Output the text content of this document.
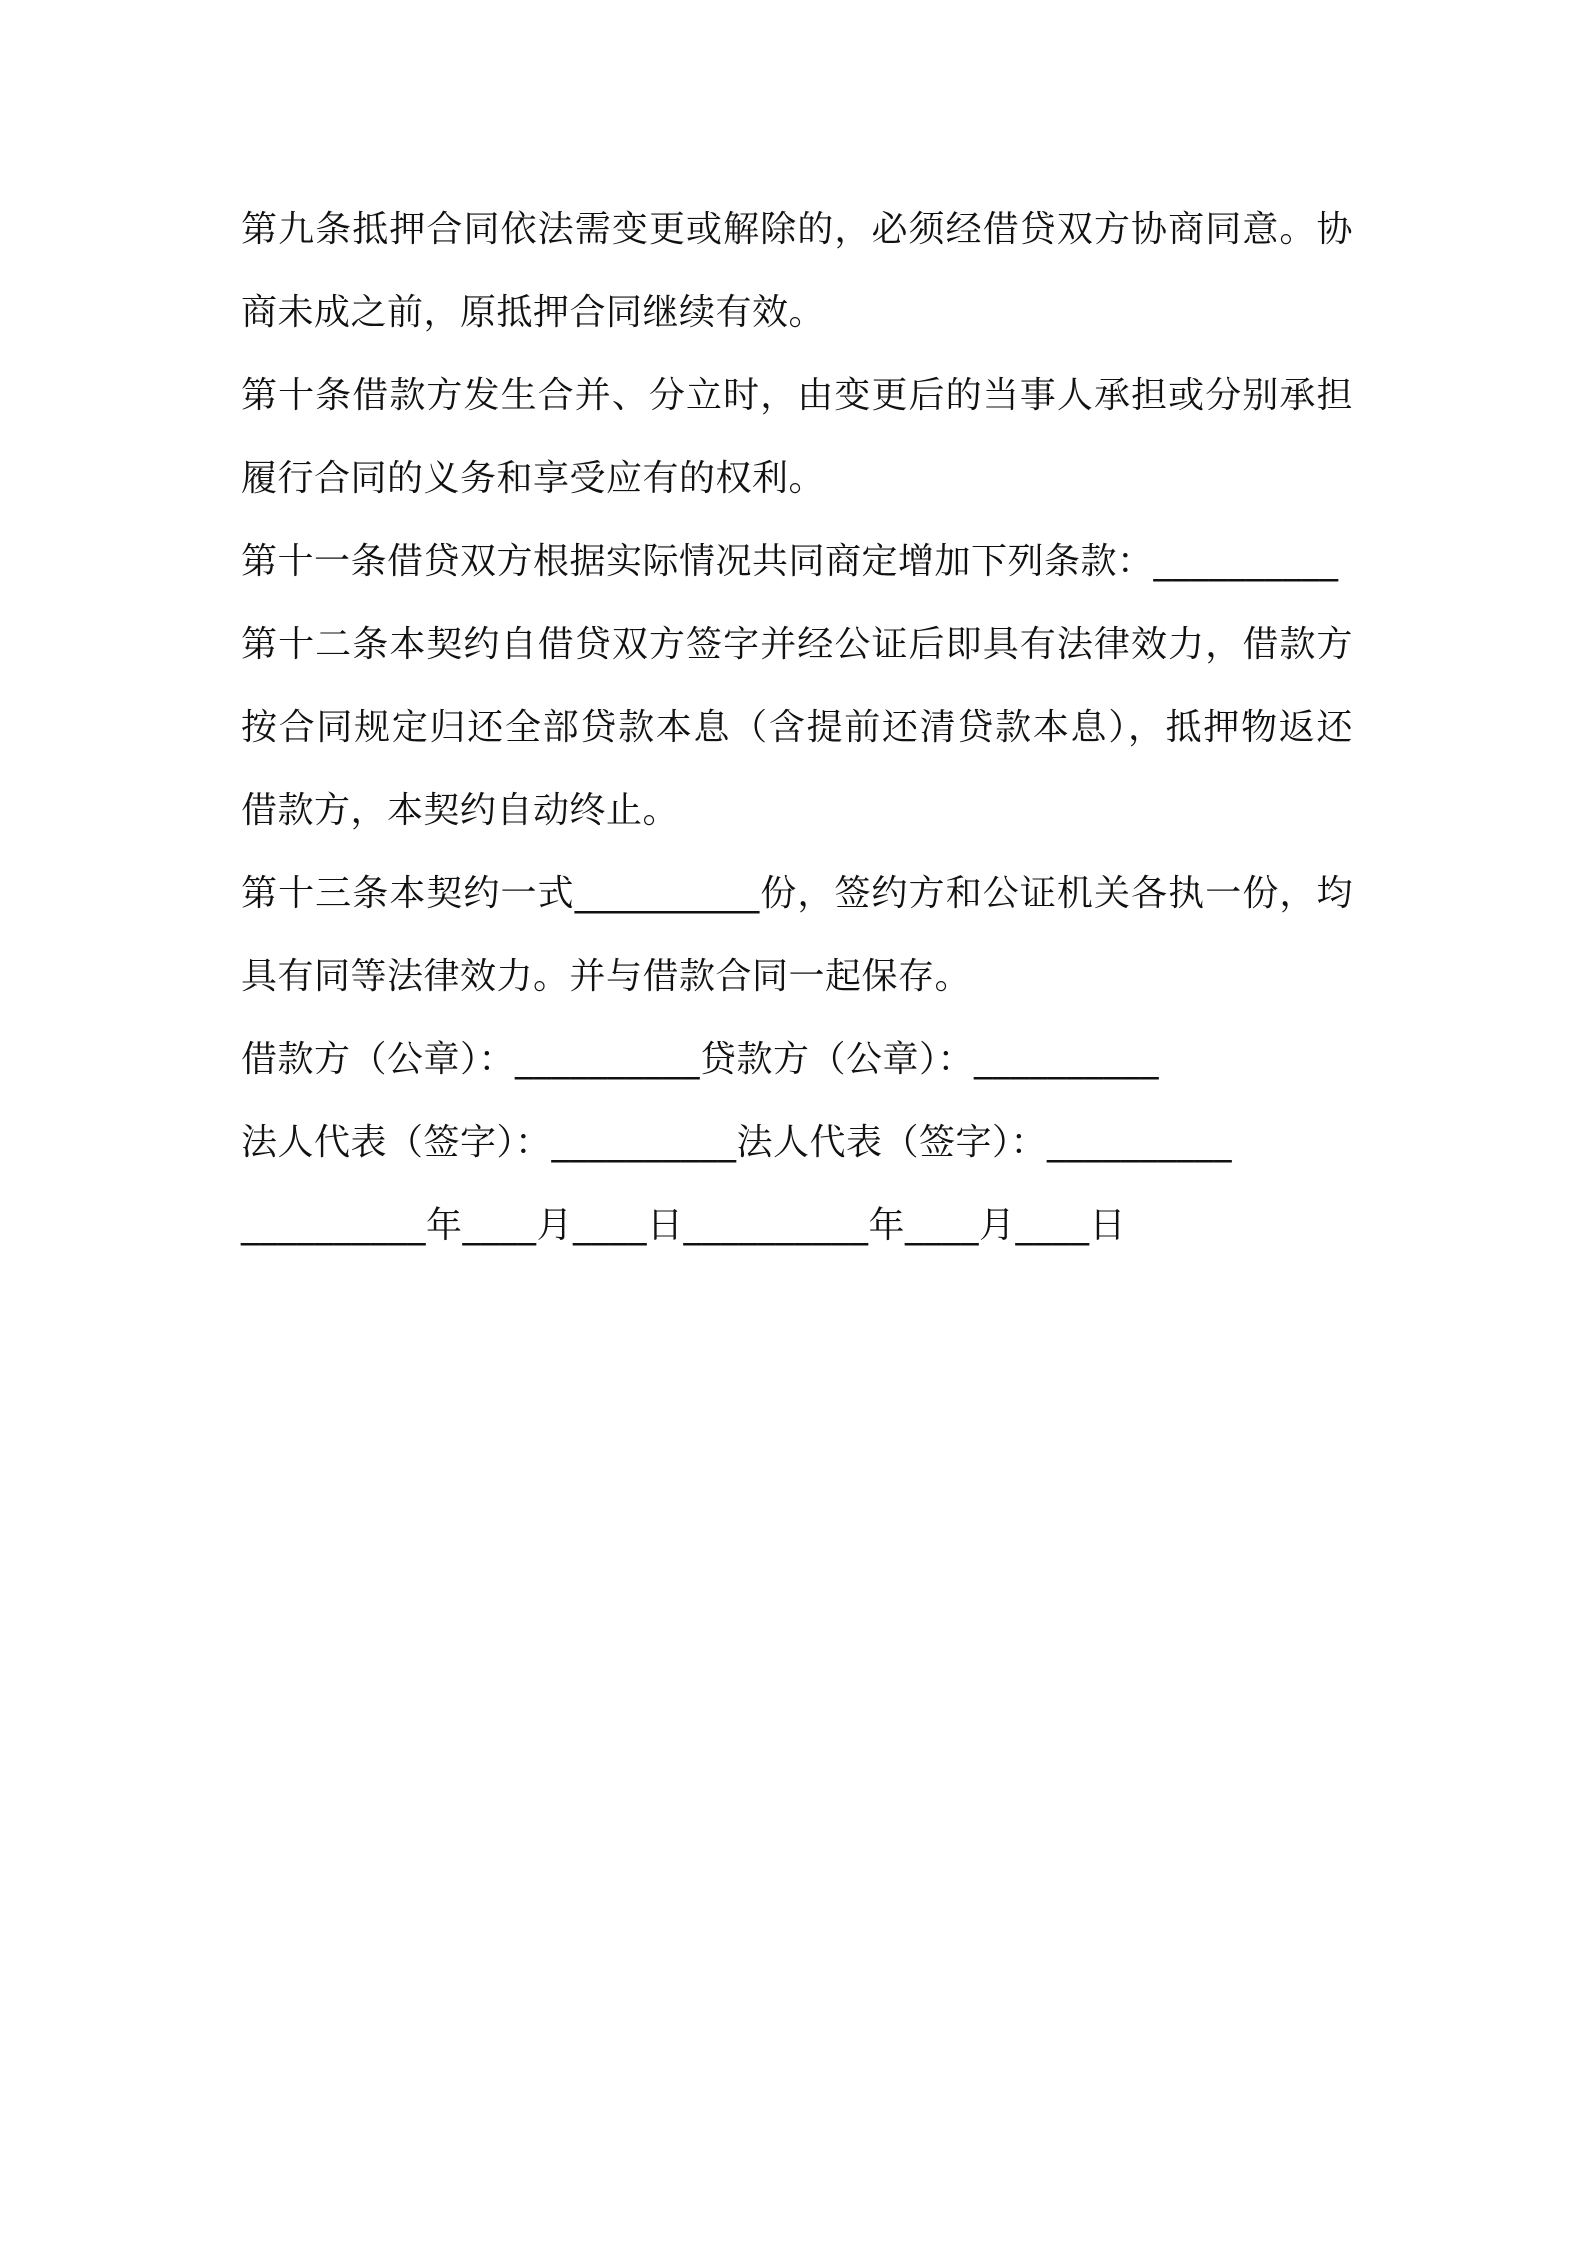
第九条抵押合同依法需变更或解除的，必须经借贷双方协商同意。协商未成之前，原抵押合同继续有效。

第十条借款方发生合并、分立时，由变更后的当事人承担或分别承担履行合同的义务和享受应有的权利。

第十一条借贷双方根据实际情况共同商定增加下列条款：__________

第十二条本契约自借贷双方签字并经公证后即具有法律效力，借款方按合同规定归还全部贷款本息（含提前还清贷款本息），抵押物返还借款方，本契约自动终止。

第十三条本契约一式__________份，签约方和公证机关各执一份，均具有同等法律效力。并与借款合同一起保存。

借款方（公章）：__________贷款方（公章）：__________

法人代表（签字）：__________法人代表（签字）：__________

__________年____月____日__________年____月____日
